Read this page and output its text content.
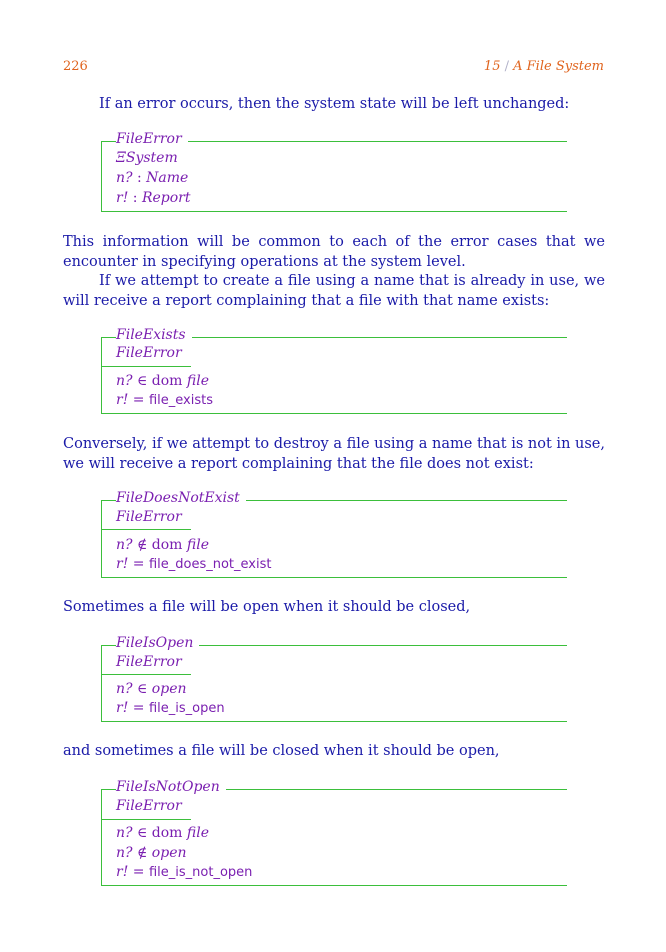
226	15 / A File System

If an error occurs, then the system state will be left unchanged:

FileError
ΞSystem
n? : Name
r! : Report

This information will be common to each of the error cases that we encounter in specifying operations at the system level.

If we attempt to create a file using a name that is already in use, we will receive a report complaining that a file with that name exists:

FileExists
FileError
n? ∈ dom file
r! = file_exists

Conversely, if we attempt to destroy a file using a name that is not in use, we will receive a report complaining that the file does not exist:

FileDoesNotExist
FileError
n? ∉ dom file
r! = file_does_not_exist

Sometimes a file will be open when it should be closed,

FileIsOpen
FileError
n? ∈ open
r! = file_is_open

and sometimes a file will be closed when it should be open,

FileIsNotOpen
FileError
n? ∈ dom file
n? ∉ open
r! = file_is_not_open
